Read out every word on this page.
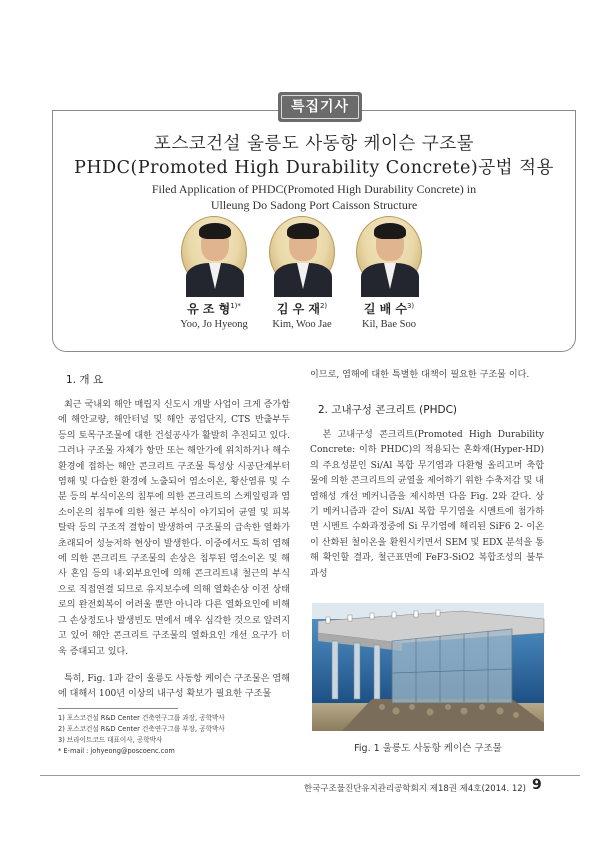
특집기사
포스코건설 울릉도 사동항 케이슨 구조물
PHDC(Promoted High Durability Concrete)공법 적용
Filed Application of PHDC(Promoted High Durability Concrete) in
Ulleung Do Sadong Port Caisson Structure
유 조 형$^{1)*}$
Yoo, Jo Hyeong
김 우 재$^{2)}$
Kim, Woo Jae
길 배 수$^{3)}$
Kil, Bae Soo
1. 개 요
최근 국내외 해안 매립지 신도시 개발 사업이 크게 증가함에 해안교량, 해안터널 및 해안 공업단지, CTS 반출부두 등의 토목구조물에 대한 건설공사가 활발히 추진되고 있다. 그러나 구조물 자체가 항만 또는 해안가에 위치하거나 해수환경에 접하는 해안 콘크리트 구조물 특성상 시공단계부터 염해 및 다습한 환경에 노출되어 염소이온, 황산염류 및 수분 등의 부식이온의 침투에 의한 콘크리트의 스케일링과 염소이온의 침투에 의한 철근 부식이 야기되어 균열 및 피복탈락 등의 구조적 결함이 발생하여 구조물의 급속한 열화가 초래되어 성능저하 현상이 발생한다. 이중에서도 특히 염해에 의한 콘크리트 구조물의 손상은 침투된 염소이온 및 해사 혼입 등의 내·외부요인에 의해 콘크리트내 철근의 부식으로 직접연결 되므로 유지보수에 의해 열화손상 이전 상태로의 완전회복이 어려울 뿐만 아니라 다른 열화요인에 비해 그 손상정도나 발생빈도 면에서 매우 심각한 것으로 알려지고 있어 해안 콘크리트 구조물의 열화요인 개선 요구가 더욱 증대되고 있다.
특히, Fig. 1과 같이 울릉도 사동항 케이슨 구조물은 염해에 대해서 100년 이상의 내구성 확보가 필요한 구조물
1) 포스코건설 R&D Center 건축연구그룹 과장, 공학박사
2) 포스코건설 R&D Center 건축연구그룹 부장, 공학박사
3) 브라이트코드 대표이사, 공학박사
* E-mail : johyeong@poscoenc.com
이므로, 염해에 대한 특별한 대책이 필요한 구조물 이다.
2. 고내구성 콘크리트 (PHDC)
본 고내구성 콘크리트(Promoted High Durability Concrete: 이하 PHDC)의 적용되는 혼화재(Hyper-HD)의 주요성분인 Si/Al 복합 무기염과 다환형 올리고머 축합물에 의한 콘크리트의 균열을 제어하기 위한 수축저감 및 내염해성 개선 메커니즘을 제시하면 다음 Fig. 2와 같다. 상기 메커니즘과 같이 Si/Al 복합 무기염을 시멘트에 첨가하면 시멘트 수화과정중에 Si 무기염에 해리된 SiF6 2- 이온이 산화된 철이온을 환원시키면서 SEM 및 EDX 분석을 통해 확인할 결과, 철근표면에 FeF3-SiO2 복합조성의 불투과성
Fig. 1 울릉도 사동항 케이슨 구조물
한국구조물진단유지관리공학회지 제18권 제4호(2014. 12) 9
